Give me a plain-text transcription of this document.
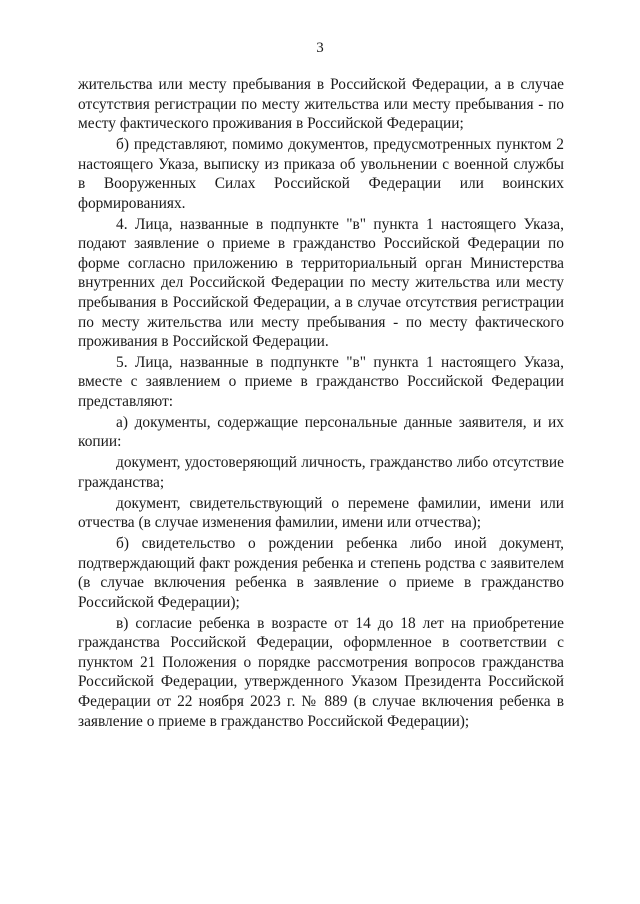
3

жительства или месту пребывания в Российской Федерации, а в случае отсутствия регистрации по месту жительства или месту пребывания - по месту фактического проживания в Российской Федерации;

б) представляют, помимо документов, предусмотренных пунктом 2 настоящего Указа, выписку из приказа об увольнении с военной службы в Вооруженных Силах Российской Федерации или воинских формированиях.

4. Лица, названные в подпункте "в" пункта 1 настоящего Указа, подают заявление о приеме в гражданство Российской Федерации по форме согласно приложению в территориальный орган Министерства внутренних дел Российской Федерации по месту жительства или месту пребывания в Российской Федерации, а в случае отсутствия регистрации по месту жительства или месту пребывания - по месту фактического проживания в Российской Федерации.

5. Лица, названные в подпункте "в" пункта 1 настоящего Указа, вместе с заявлением о приеме в гражданство Российской Федерации представляют:

а) документы, содержащие персональные данные заявителя, и их копии:

документ, удостоверяющий личность, гражданство либо отсутствие гражданства;

документ, свидетельствующий о перемене фамилии, имени или отчества (в случае изменения фамилии, имени или отчества);

б) свидетельство о рождении ребенка либо иной документ, подтверждающий факт рождения ребенка и степень родства с заявителем (в случае включения ребенка в заявление о приеме в гражданство Российской Федерации);

в) согласие ребенка в возрасте от 14 до 18 лет на приобретение гражданства Российской Федерации, оформленное в соответствии с пунктом 21 Положения о порядке рассмотрения вопросов гражданства Российской Федерации, утвержденного Указом Президента Российской Федерации от 22 ноября 2023 г. № 889 (в случае включения ребенка в заявление о приеме в гражданство Российской Федерации);
